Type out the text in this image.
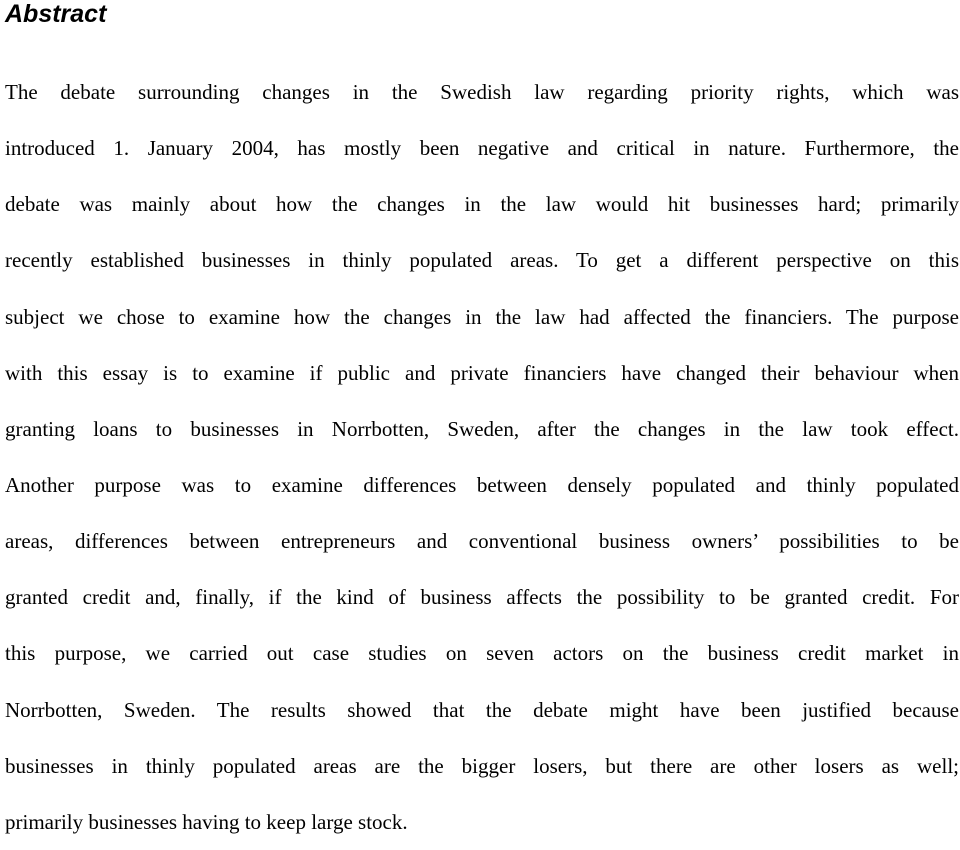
Abstract
The debate surrounding changes in the Swedish law regarding priority rights, which was
introduced 1. January 2004, has mostly been negative and critical in nature. Furthermore, the
debate was mainly about how the changes in the law would hit businesses hard; primarily
recently established businesses in thinly populated areas. To get a different perspective on this
subject we chose to examine how the changes in the law had affected the financiers. The purpose
with this essay is to examine if public and private financiers have changed their behaviour when
granting loans to businesses in Norrbotten, Sweden, after the changes in the law took effect.
Another purpose was to examine differences between densely populated and thinly populated
areas, differences between entrepreneurs and conventional business owners’ possibilities to be
granted credit and, finally, if the kind of business affects the possibility to be granted credit. For
this purpose, we carried out case studies on seven actors on the business credit market in
Norrbotten, Sweden. The results showed that the debate might have been justified because
businesses in thinly populated areas are the bigger losers, but there are other losers as well;
primarily businesses having to keep large stock.
